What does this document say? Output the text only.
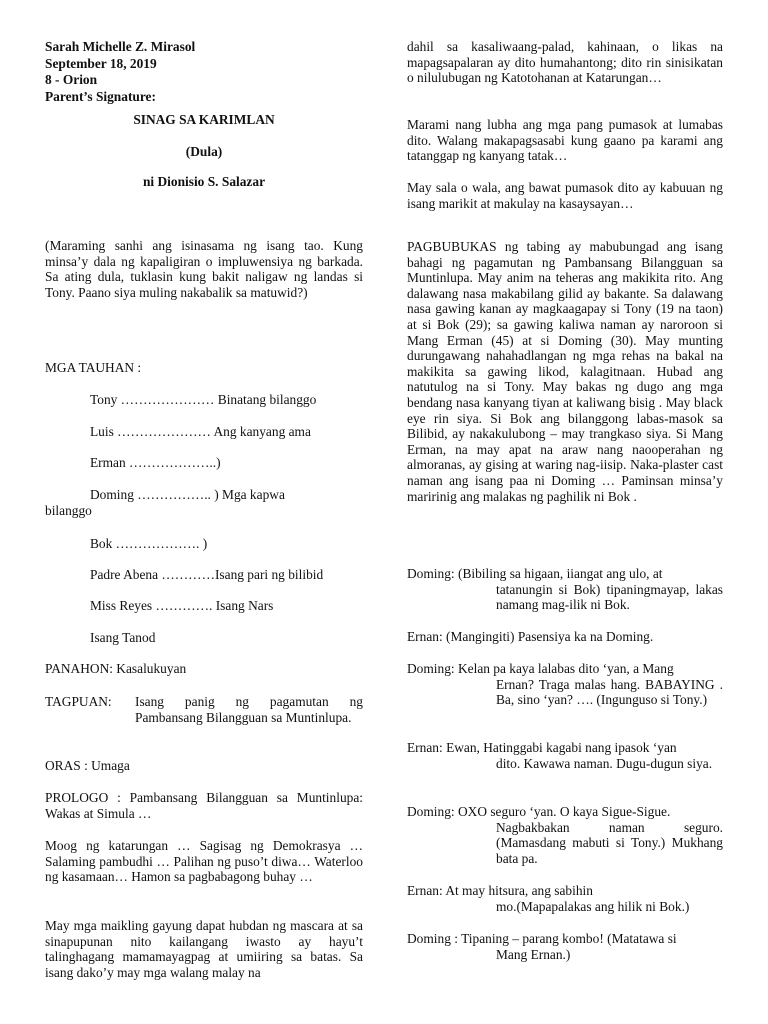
Sarah Michelle Z. Mirasol
September 18, 2019
8 - Orion
Parent’s Signature:
SINAG SA KARIMLAN
(Dula)
ni Dionisio S. Salazar
(Maraming sanhi ang isinasama ng isang tao. Kung minsa’y dala ng kapaligiran o impluwensiya ng barkada. Sa ating dula, tuklasin kung bakit naligaw ng landas si Tony. Paano siya muling nakabalik sa matuwid?)
MGA TAUHAN :
Tony ………………… Binatang bilanggo
Luis ………………… Ang kanyang ama
Erman ………………..)
Doming …………….. ) Mga kapwa
bilanggo
Bok ………………. )
Padre Abena …………Isang pari ng bilibid
Miss Reyes …………. Isang Nars
Isang Tanod
PANAHON: Kasalukuyan
TAGPUAN:	Isang panig ng pagamutan ng Pambansang Bilangguan sa Muntinlupa.
ORAS : Umaga
PROLOGO : Pambansang Bilangguan sa Muntinlupa: Wakas at Simula …
Moog ng katarungan … Sagisag ng Demokrasya … Salaming pambudhi … Palihan ng puso’t diwa… Waterloo ng kasamaan… Hamon sa pagbabagong buhay …
May mga maikling gayung dapat hubdan ng mascara at sa sinapupunan nito kailangang iwasto ay hayu’t talinghagang mamamayagpag at umiiring sa batas. Sa isang dako’y may mga walang malay na
dahil sa kasaliwaang-palad, kahinaan, o likas na mapagsapalaran ay dito humahantong; dito rin sinisikatan o nilulubugan ng Katotohanan at Katarungan…
Marami nang lubha ang mga pang pumasok at lumabas dito. Walang makapagsasabi kung gaano pa karami ang tatanggap ng kanyang tatak…
May sala o wala, ang bawat pumasok dito ay kabuuan ng isang marikit at makulay na kasaysayan…
PAGBUBUKAS ng tabing ay mabubungad ang isang bahagi ng pagamutan ng Pambansang Bilangguan sa Muntinlupa. May anim na teheras ang makikita rito. Ang dalawang nasa makabilang gilid ay bakante. Sa dalawang nasa gawing kanan ay magkaagapay si Tony (19 na taon) at si Bok (29); sa gawing kaliwa naman ay naroroon si Mang Erman (45) at si Doming (30). May munting durungawang nahahadlangan ng mga rehas na bakal na makikita sa gawing likod, kalagitnaan. Hubad ang natutulog na si Tony. May bakas ng dugo ang mga bendang nasa kanyang tiyan at kaliwang bisig . May black eye rin siya. Si Bok ang bilanggong labas-masok sa Bilibid, ay nakakulubong – may trangkaso siya. Si Mang Erman, na may apat na araw nang naooperahan ng almoranas, ay gising at waring nag-iisip. Naka-plaster cast naman ang isang paa ni Doming … Paminsan minsa’y maririnig ang malakas ng paghilik ni Bok .
Doming: (Bibiling sa higaan, iiangat ang ulo, at
tatanungin si Bok) tipaningmayap, lakas namang mag-ilik ni Bok.
Ernan: (Mangingiti) Pasensiya ka na Doming.
Doming: Kelan pa kaya lalabas dito ‘yan, a Mang
Ernan? Traga malas hang. BABAYING . Ba, sino ‘yan? …. (Ingunguso si Tony.)
Ernan: Ewan, Hatinggabi kagabi nang ipasok ‘yan
dito. Kawawa naman. Dugu-dugun siya.
Doming: OXO seguro ‘yan. O kaya Sigue-Sigue.
Nagbakbakan naman seguro. (Mamasdang mabuti si Tony.) Mukhang bata pa.
Ernan: At may hitsura, ang sabihin
mo.(Mapapalakas ang hilik ni Bok.)
Doming : Tipaning – parang kombo! (Matatawa si
Mang Ernan.)
